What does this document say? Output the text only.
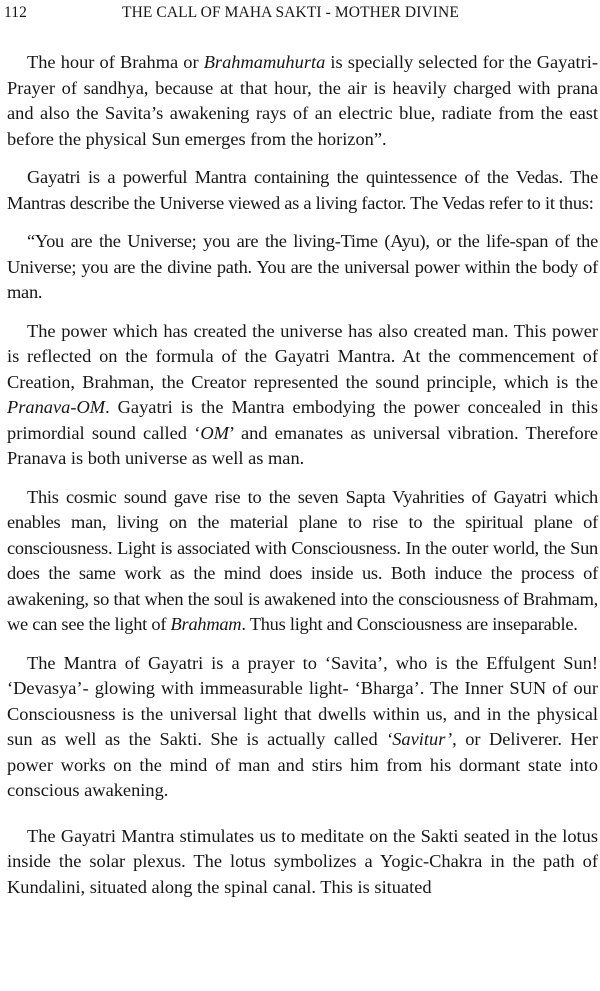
112	THE CALL OF MAHA SAKTI - MOTHER DIVINE

The hour of Brahma or Brahmamuhurta is specially selected for the Gayatri-Prayer of sandhya, because at that hour, the air is heavily charged with prana and also the Savita’s awakening rays of an electric blue, radiate from the east before the physical Sun emerges from the horizon”.

Gayatri is a powerful Mantra containing the quintessence of the Vedas. The Mantras describe the Universe viewed as a living factor. The Vedas refer to it thus:

“You are the Universe; you are the living-Time (Ayu), or the life-span of the Universe; you are the divine path. You are the universal power within the body of man.

The power which has created the universe has also created man. This power is reflected on the formula of the Gayatri Mantra. At the commencement of Creation, Brahman, the Creator represented the sound principle, which is the Pranava-OM. Gayatri is the Mantra embodying the power concealed in this primordial sound called ‘OM’ and emanates as universal vibration. Therefore Pranava is both universe as well as man.

This cosmic sound gave rise to the seven Sapta Vyahrities of Gayatri which enables man, living on the material plane to rise to the spiritual plane of consciousness. Light is associated with Consciousness. In the outer world, the Sun does the same work as the mind does inside us. Both induce the process of awakening, so that when the soul is awakened into the consciousness of Brahmam, we can see the light of Brahmam. Thus light and Consciousness are inseparable.

The Mantra of Gayatri is a prayer to ‘Savita’, who is the Effulgent Sun! ‘Devasya’- glowing with immeasurable light- ‘Bharga’. The Inner SUN of our Consciousness is the universal light that dwells within us, and in the physical sun as well as the Sakti. She is actually called ‘Savitur’, or Deliverer. Her power works on the mind of man and stirs him from his dormant state into conscious awakening.

The Gayatri Mantra stimulates us to meditate on the Sakti seated in the lotus inside the solar plexus. The lotus symbolizes a Yogic-Chakra in the path of Kundalini, situated along the spinal canal. This is situated
